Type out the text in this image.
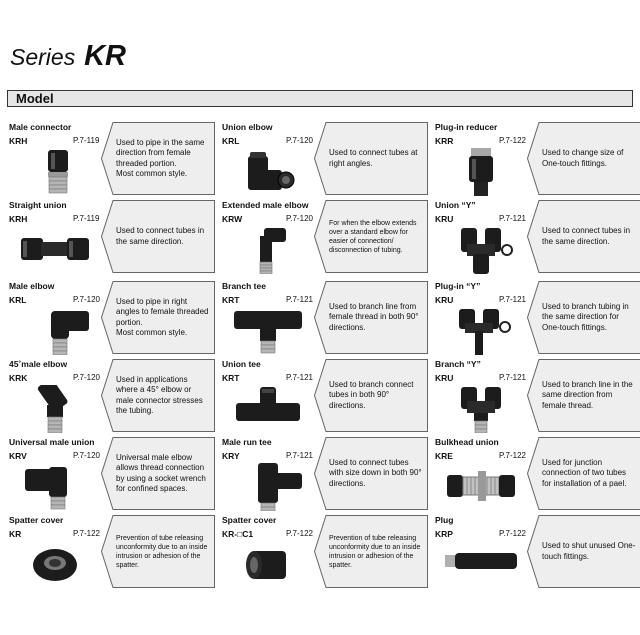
Series KR
Model
Male connector
KRH	P.7-119 Used to pipe in the same direction from female threaded portion.
Most common style.
Union elbow
KRL	P.7-120
Used to connect tubes at right angles.
Plug-in reducer
KRR	P.7-122
Used to change size of One-touch fittings.
Straight union
KRH	P.7-119
Used to connect tubes in the same direction.
Extended male elbow
KRW	P.7-120 For when the elbow extends over a standard elbow for easier of connection/ disconnection of tubing.
Union “Y”
KRU	P.7-121
Used to connect tubes in the same direction.
Male elbow
KRL	P.7-120 Used to pipe in right angles to female threaded portion.
Most common style.
Branch tee
KRT	P.7-121
Used to branch line from female thread in both 90° directions.
Plug-in “Y”
KRU	P.7-121
Used to branch tubing in the same direction for One-touch fittings.
45˚male elbow
KRK	P.7-120 Used in applications where a 45° elbow or male connector stresses the tubing.
Union tee
KRT	P.7-121
Used to branch connect tubes in both 90° directions.
Branch “Y”
KRU	P.7-121
Used to branch line in the same direction from female thread.
Universal male union
KRV	P.7-120 Universal male elbow allows thread connection by using a socket wrench for confined spaces.
Male run tee
KRY	P.7-121
Used to connect tubes with size down in both 90° directions.
Bulkhead union
KRE	P.7-122
Used for junction connection of two tubes for installation of a pael.
Spatter cover
KR	P.7-122 Prevention of tube releasing unconformity due to an inside intrusion or adhesion of the spatter.
Spatter cover
KR-□C1	P.7-122 Prevention of tube releasing unconformity due to an inside intrusion or adhesion of the spatter.
Plug
KRP	P.7-122
Used to shut unused One-touch fittings.
